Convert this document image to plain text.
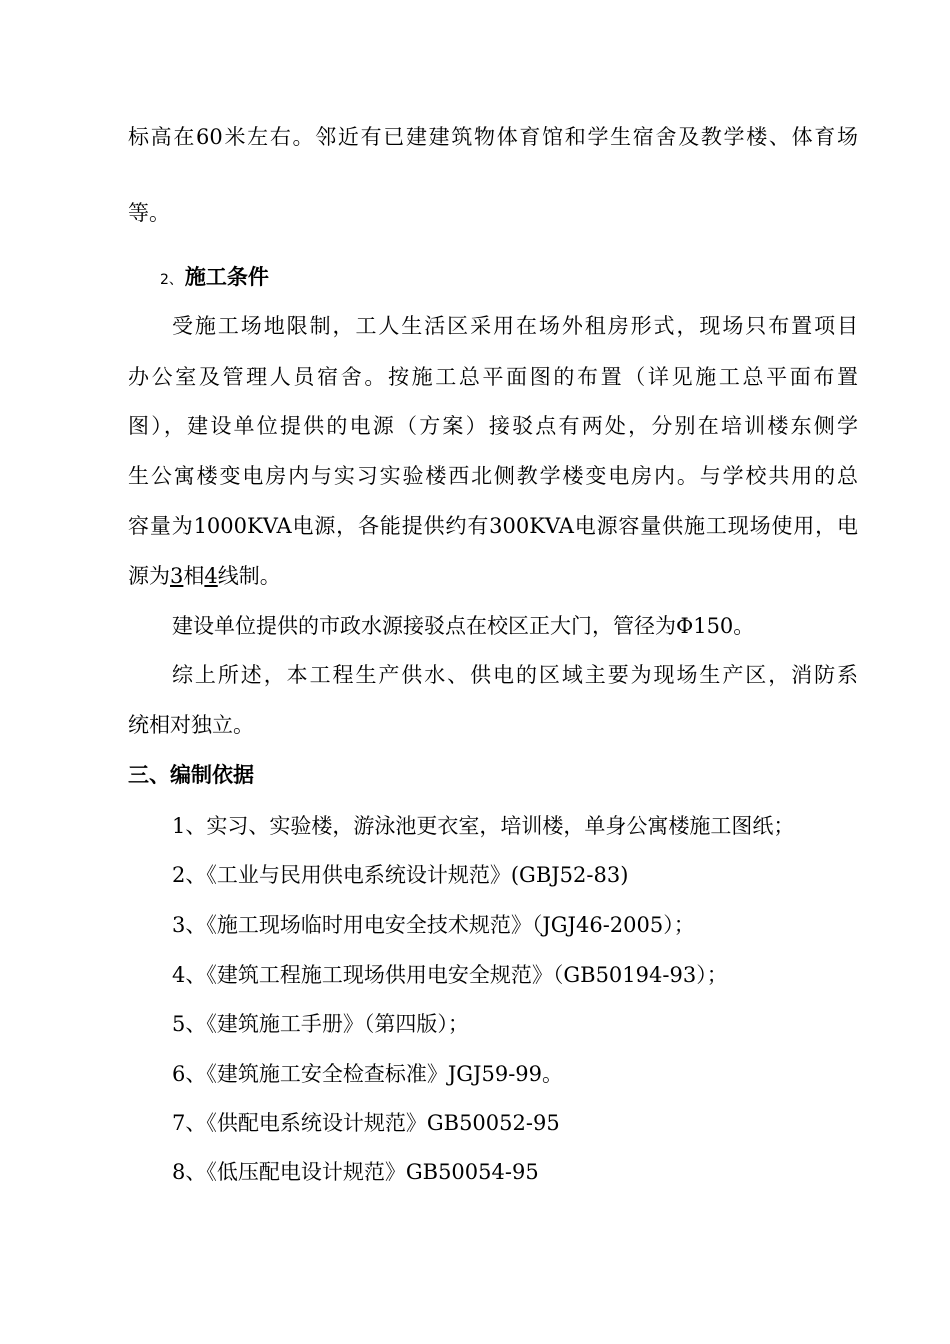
标高在60米左右。邻近有已建建筑物体育馆和学生宿舍及教学楼、体育场
等。
2、施工条件
受施工场地限制，工人生活区采用在场外租房形式，现场只布置项目
办公室及管理人员宿舍。按施工总平面图的布置（详见施工总平面布置
图），建设单位提供的电源（方案）接驳点有两处，分别在培训楼东侧学
生公寓楼变电房内与实习实验楼西北侧教学楼变电房内。与学校共用的总
容量为1000KVA电源，各能提供约有300KVA电源容量供施工现场使用，电
源为3相4线制。
建设单位提供的市政水源接驳点在校区正大门，管径为Φ150。
综上所述，本工程生产供水、供电的区域主要为现场生产区，消防系
统相对独立。
三、编制依据
1、实习、实验楼，游泳池更衣室，培训楼，单身公寓楼施工图纸；
2、《工业与民用供电系统设计规范》(GBJ52-83)
3、《施工现场临时用电安全技术规范》（JGJ46-2005）；
4、《建筑工程施工现场供用电安全规范》（GB50194-93）；
5、《建筑施工手册》（第四版）；
6、《建筑施工安全检查标准》JGJ59-99。
7、《供配电系统设计规范》GB50052-95
8、《低压配电设计规范》GB50054-95
